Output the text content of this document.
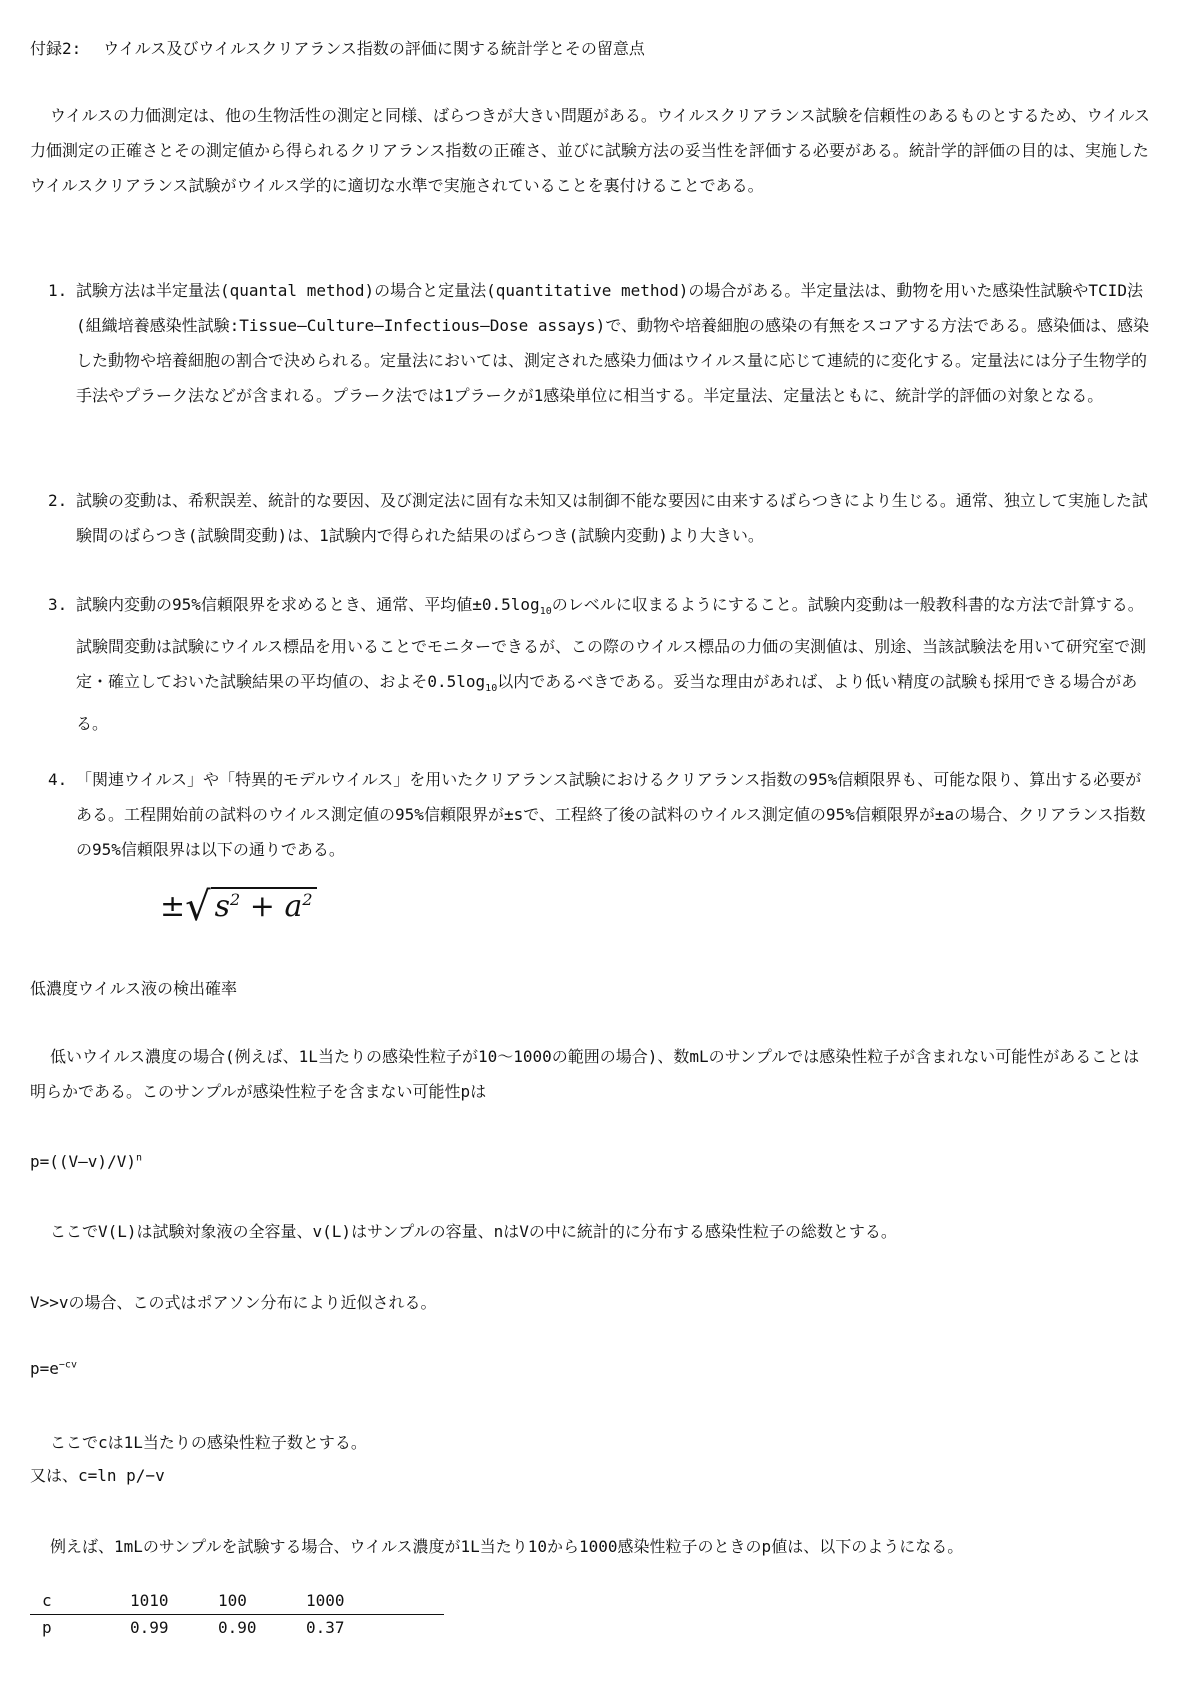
付録2: ウイルス及びウイルスクリアランス指数の評価に関する統計学とその留意点

ウイルスの力価測定は、他の生物活性の測定と同様、ばらつきが大きい問題がある。ウイルスクリアランス試験を信頼性のあるものとするため、ウイルス力価測定の正確さとその測定値から得られるクリアランス指数の正確さ、並びに試験方法の妥当性を評価する必要がある。統計学的評価の目的は、実施したウイルスクリアランス試験がウイルス学的に適切な水準で実施されていることを裏付けることである。

1. 試験方法は半定量法(quantal method)の場合と定量法(quantitative method)の場合がある。半定量法は、動物を用いた感染性試験やTCID法(組織培養感染性試験:Tissue—Culture—Infectious—Dose assays)で、動物や培養細胞の感染の有無をスコアする方法である。感染価は、感染した動物や培養細胞の割合で決められる。定量法においては、測定された感染力価はウイルス量に応じて連続的に変化する。定量法には分子生物学的手法やプラーク法などが含まれる。プラーク法では1プラークが1感染単位に相当する。半定量法、定量法ともに、統計学的評価の対象となる。
2. 試験の変動は、希釈誤差、統計的な要因、及び測定法に固有な未知又は制御不能な要因に由来するばらつきにより生じる。通常、独立して実施した試験間のばらつき(試験間変動)は、1試験内で得られた結果のばらつき(試験内変動)より大きい。
3. 試験内変動の95%信頼限界を求めるとき、通常、平均値$\pm 0.5\log_{10}$のレベルに収まるようにすること。試験内変動は一般教科書的な方法で計算する。試験間変動は試験にウイルス標品を用いることでモニターできるが、この際のウイルス標品の力価の実測値は、別途、当該試験法を用いて研究室で測定・確立しておいた試験結果の平均値の、およそ$0.5\log_{10}$以内であるべきである。妥当な理由があれば、より低い精度の試験も採用できる場合がある。
4. 「関連ウイルス」や「特異的モデルウイルス」を用いたクリアランス試験におけるクリアランス指数の95%信頼限界も、可能な限り、算出する必要がある。工程開始前の試料のウイルス測定値の95%信頼限界が±sで、工程終了後の試料のウイルス測定値の95%信頼限界が±aの場合、クリアランス指数の95%信頼限界は以下の通りである。
±√ $s^2 + a^2$
低濃度ウイルス液の検出確率

低いウイルス濃度の場合(例えば、1L当たりの感染性粒子が10〜1000の範囲の場合)、数mLのサンプルでは感染性粒子が含まれない可能性があることは明らかである。このサンプルが感染性粒子を含まない可能性pは

p=((V—v)/V)$^n$
ここでV(L)は試験対象液の全容量、v(L)はサンプルの容量、nはVの中に統計的に分布する感染性粒子の総数とする。
V>>vの場合、この式はポアソン分布により近似される。
$p=e^{-cv}$
ここでcは1L当たりの感染性粒子数とする。
又は、c=ln p/−v
例えば、1mLのサンプルを試験する場合、ウイルス濃度が1L当たり10から1000感染性粒子のときのp値は、以下のようになる。
c	1010	100	1000
p	0.99	0.90	0.37
